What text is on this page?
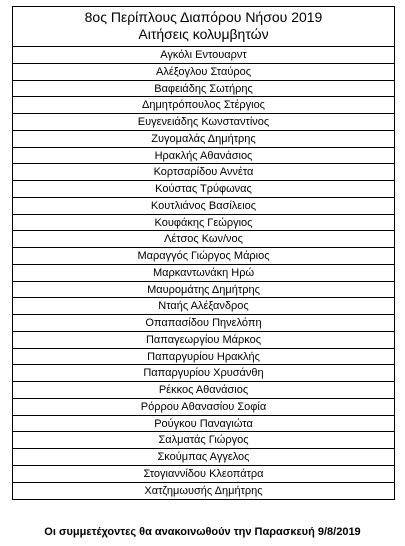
8ος Περίπλους Διαπόρου Νήσου 2019
Αιτήσεις κολυμβητών
Αγκόλι Εντουαρντ
Αλέξογλου Σταύρος
Βαφειάδης Σωτήρης
Δημητρόπουλος Στέργιος
Ευγενειάδης Κωνσταντίνος
Ζυγομαλάς Δημήτρης
Ηρακλής Αθανάσιος
Κορτσαρίδου Αννέτα
Κούστας Τρύφωνας
Κουτλιάνος Βασίλειος
Κουφάκης Γεώργιος
Λέτσος Κων/νος
Μαραγγός Γιώργος Μάριος
Μαρκαντωνάκη Ηρώ
Μαυρομάτης Δημήτρης
Νταής Αλέξανδρος
Οπαπασίδου Πηνελόπη
Παπαγεωργίου Μάρκος
Παπαργυρίου Ηρακλής
Παπαργυρίου Χρυσάνθη
Ρέκκος Αθανάσιος
Ρόρρου Αθανασίου Σοφία
Ρούγκου Παναγιώτα
Σαλματάς Γιώργος
Σκούμπας Αγγελος
Στογιαννίδου Κλεοπάτρα
Χατζημωυσής Δημήτρης
Οι συμμετέχοντες θα ανακοινωθούν την Παρασκευή 9/8/2019
